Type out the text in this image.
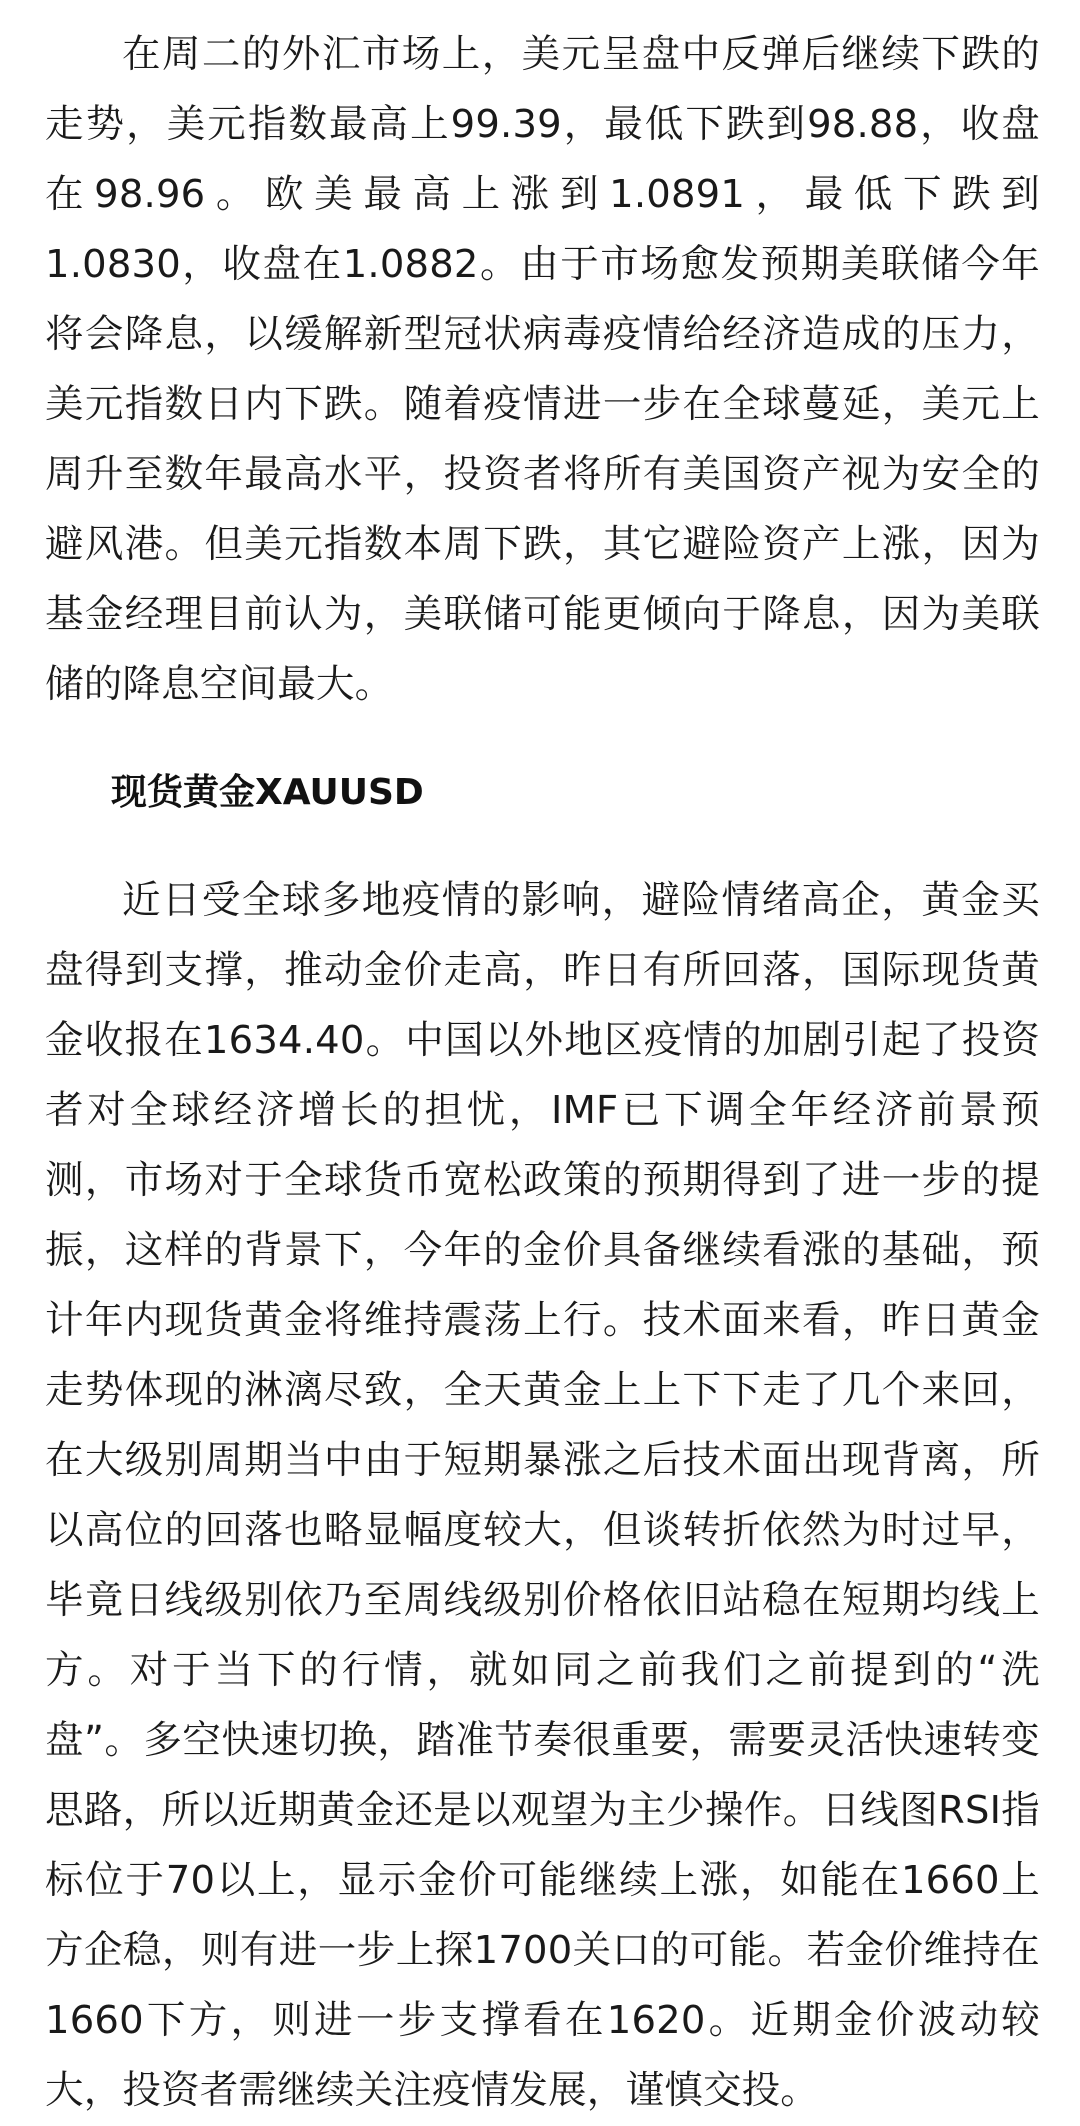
在周二的外汇市场上，美元呈盘中反弹后继续下跌的走势，美元指数最高上99.39，最低下跌到98.88，收盘在98.96。欧美最高上涨到1.0891，最低下跌到1.0830，收盘在1.0882。由于市场愈发预期美联储今年将会降息，以缓解新型冠状病毒疫情给经济造成的压力，美元指数日内下跌。随着疫情进一步在全球蔓延，美元上周升至数年最高水平，投资者将所有美国资产视为安全的避风港。但美元指数本周下跌，其它避险资产上涨，因为基金经理目前认为，美联储可能更倾向于降息，因为美联储的降息空间最大。

现货黄金XAUUSD

近日受全球多地疫情的影响，避险情绪高企，黄金买盘得到支撑，推动金价走高，昨日有所回落，国际现货黄金收报在1634.40。中国以外地区疫情的加剧引起了投资者对全球经济增长的担忧，IMF已下调全年经济前景预测，市场对于全球货币宽松政策的预期得到了进一步的提振，这样的背景下，今年的金价具备继续看涨的基础，预计年内现货黄金将维持震荡上行。技术面来看，昨日黄金走势体现的淋漓尽致，全天黄金上上下下走了几个来回，在大级别周期当中由于短期暴涨之后技术面出现背离，所以高位的回落也略显幅度较大，但谈转折依然为时过早，毕竟日线级别依乃至周线级别价格依旧站稳在短期均线上方。对于当下的行情，就如同之前我们之前提到的“洗盘”。多空快速切换，踏准节奏很重要，需要灵活快速转变思路，所以近期黄金还是以观望为主少操作。日线图RSI指标位于70以上，显示金价可能继续上涨，如能在1660上方企稳，则有进一步上探1700关口的可能。若金价维持在1660下方，则进一步支撑看在1620。近期金价波动较大，投资者需继续关注疫情发展，谨慎交投。
